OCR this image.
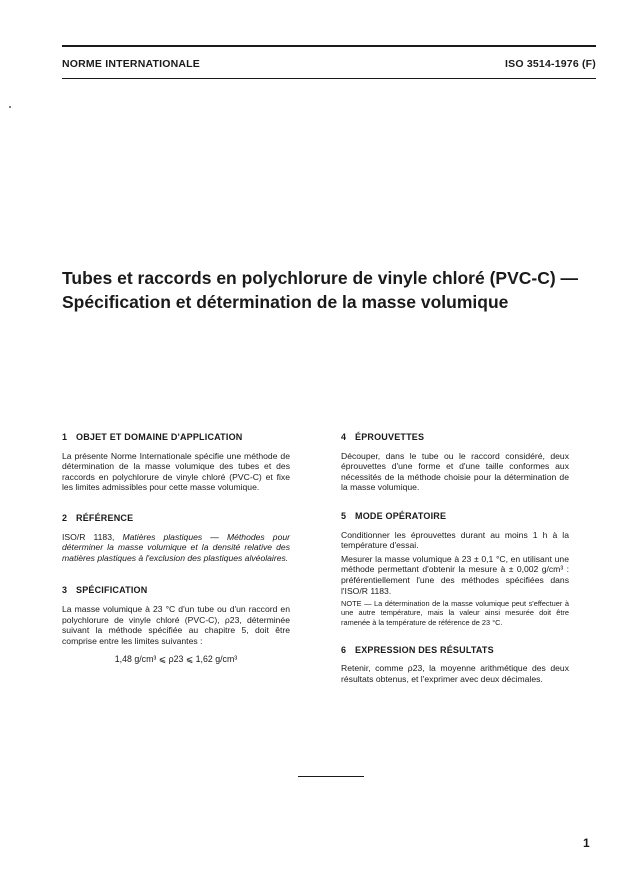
NORME INTERNATIONALE	ISO 3514-1976 (F)
Tubes et raccords en polychlorure de vinyle chloré (PVC-C) —
Spécification et détermination de la masse volumique
1 OBJET ET DOMAINE D'APPLICATION

La présente Norme Internationale spécifie une méthode de détermination de la masse volumique des tubes et des raccords en polychlorure de vinyle chloré (PVC-C) et fixe les limites admissibles pour cette masse volumique.

2 RÉFÉRENCE

ISO/R 1183, Matières plastiques — Méthodes pour déterminer la masse volumique et la densité relative des matières plastiques à l'exclusion des plastiques alvéolaires.

3 SPÉCIFICATION

La masse volumique à 23 °C d'un tube ou d'un raccord en polychlorure de vinyle chloré (PVC-C), ρ23, déterminée suivant la méthode spécifiée au chapitre 5, doit être comprise entre les limites suivantes :

1,48 g/cm³ ⩽ ρ23 ⩽ 1,62 g/cm³
4 ÉPROUVETTES

Découper, dans le tube ou le raccord considéré, deux éprouvettes d'une forme et d'une taille conformes aux nécessités de la méthode choisie pour la détermination de la masse volumique.

5 MODE OPÉRATOIRE

Conditionner les éprouvettes durant au moins 1 h à la température d'essai.

Mesurer la masse volumique à 23 ± 0,1 °C, en utilisant une méthode permettant d'obtenir la mesure à ± 0,002 g/cm³ : préférentiellement l'une des méthodes spécifiées dans l'ISO/R 1183.

NOTE — La détermination de la masse volumique peut s'effectuer à une autre température, mais la valeur ainsi mesurée doit être ramenée à la température de référence de 23 °C.

6 EXPRESSION DES RÉSULTATS

Retenir, comme ρ23, la moyenne arithmétique des deux résultats obtenus, et l'exprimer avec deux décimales.

1
